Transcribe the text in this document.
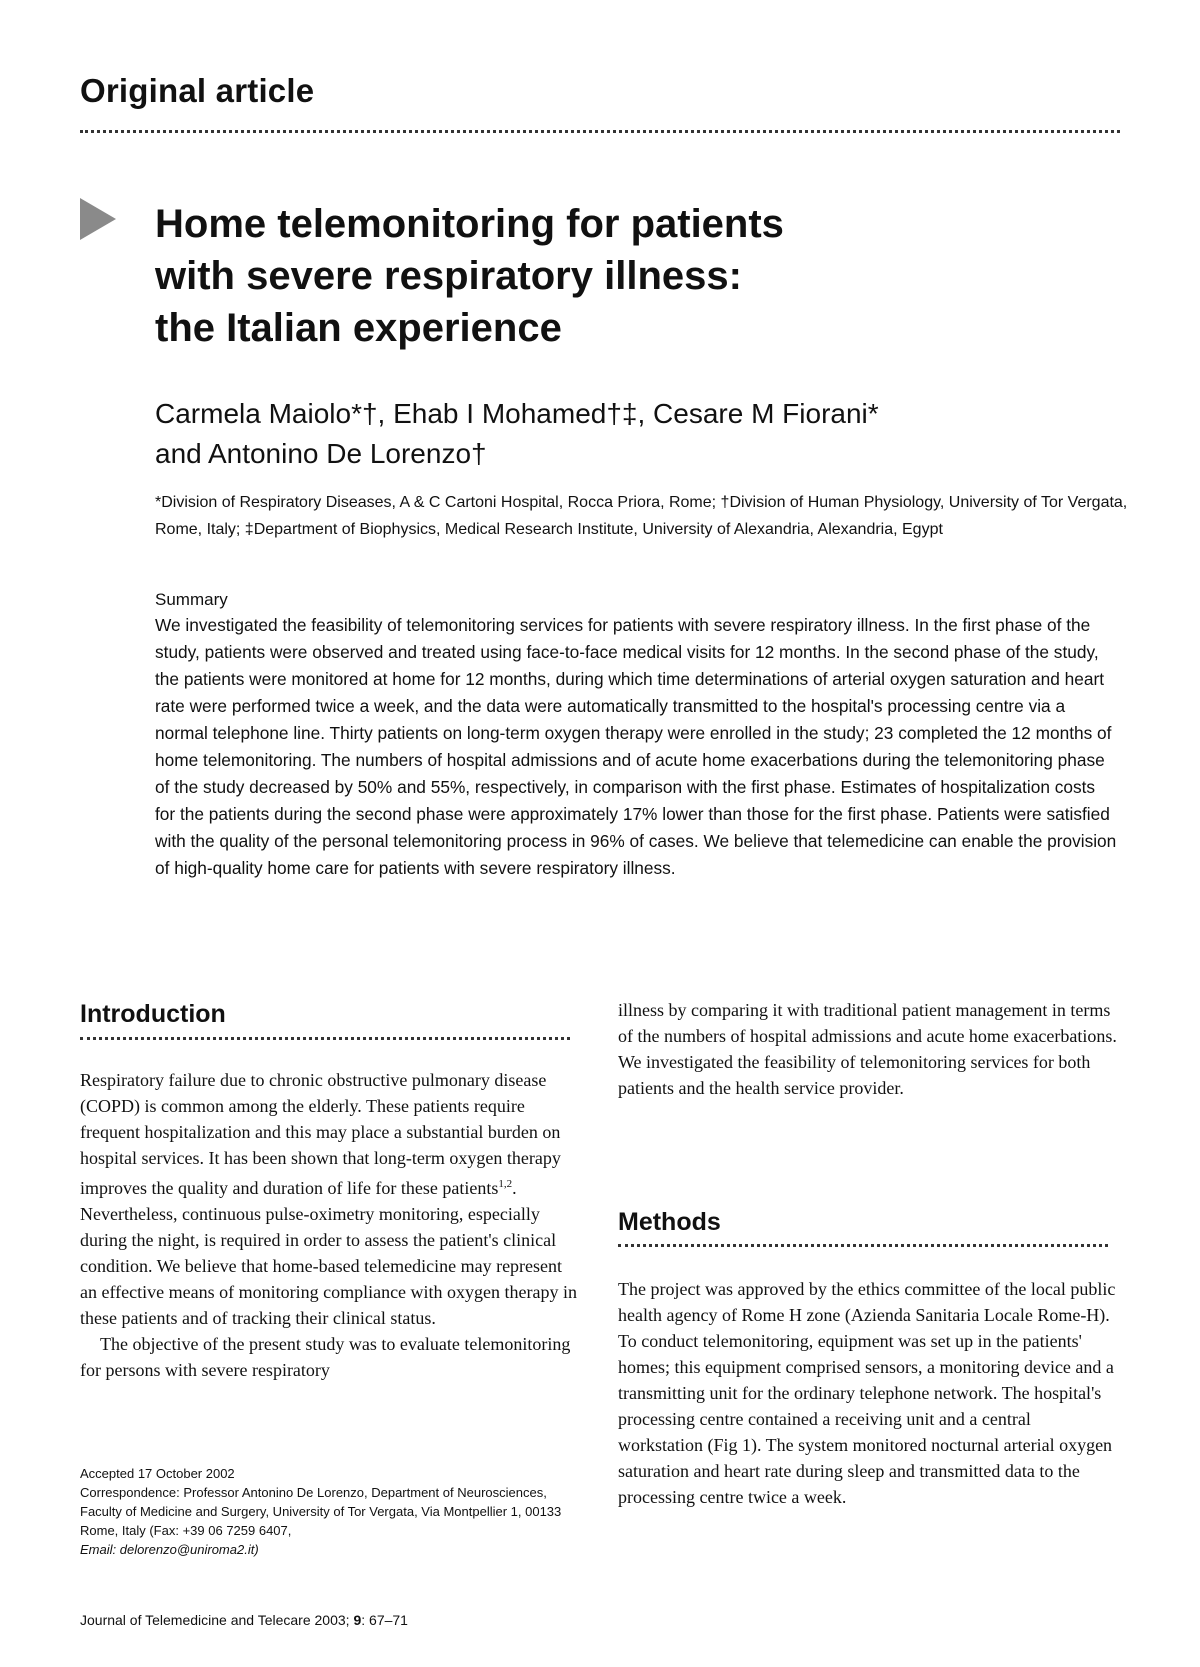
Original article
Home telemonitoring for patients
with severe respiratory illness:
the Italian experience
Carmela Maiolo*†, Ehab I Mohamed†‡, Cesare M Fiorani*
and Antonino De Lorenzo†
*Division of Respiratory Diseases, A & C Cartoni Hospital, Rocca Priora, Rome; †Division of Human Physiology, University of Tor Vergata, Rome, Italy; ‡Department of Biophysics, Medical Research Institute, University of Alexandria, Alexandria, Egypt
Summary

We investigated the feasibility of telemonitoring services for patients with severe respiratory illness. In the first phase of the study, patients were observed and treated using face-to-face medical visits for 12 months. In the second phase of the study, the patients were monitored at home for 12 months, during which time determinations of arterial oxygen saturation and heart rate were performed twice a week, and the data were automatically transmitted to the hospital's processing centre via a normal telephone line. Thirty patients on long-term oxygen therapy were enrolled in the study; 23 completed the 12 months of home telemonitoring. The numbers of hospital admissions and of acute home exacerbations during the telemonitoring phase of the study decreased by 50% and 55%, respectively, in comparison with the first phase. Estimates of hospitalization costs for the patients during the second phase were approximately 17% lower than those for the first phase. Patients were satisfied with the quality of the personal telemonitoring process in 96% of cases. We believe that telemedicine can enable the provision of high-quality home care for patients with severe respiratory illness.

Introduction

Respiratory failure due to chronic obstructive pulmonary disease (COPD) is common among the elderly. These patients require frequent hospitalization and this may place a substantial burden on hospital services. It has been shown that long-term oxygen therapy improves the quality and duration of life for these patients$^{1,2}$. Nevertheless, continuous pulse-oximetry monitoring, especially during the night, is required in order to assess the patient's clinical condition. We believe that home-based telemedicine may represent an effective means of monitoring compliance with oxygen therapy in these patients and of tracking their clinical status.

The objective of the present study was to evaluate telemonitoring for persons with severe respiratory

illness by comparing it with traditional patient management in terms of the numbers of hospital admissions and acute home exacerbations. We investigated the feasibility of telemonitoring services for both patients and the health service provider.

Methods

The project was approved by the ethics committee of the local public health agency of Rome H zone (Azienda Sanitaria Locale Rome-H). To conduct telemonitoring, equipment was set up in the patients' homes; this equipment comprised sensors, a monitoring device and a transmitting unit for the ordinary telephone network. The hospital's processing centre contained a receiving unit and a central workstation (Fig 1). The system monitored nocturnal arterial oxygen saturation and heart rate during sleep and transmitted data to the processing centre twice a week.

Accepted 17 October 2002
Correspondence: Professor Antonino De Lorenzo, Department of Neurosciences, Faculty of Medicine and Surgery, University of Tor Vergata, Via Montpellier 1, 00133 Rome, Italy (Fax: +39 06 7259 6407,
Email: delorenzo@uniroma2.it)
Journal of Telemedicine and Telecare 2003; 9: 67–71
